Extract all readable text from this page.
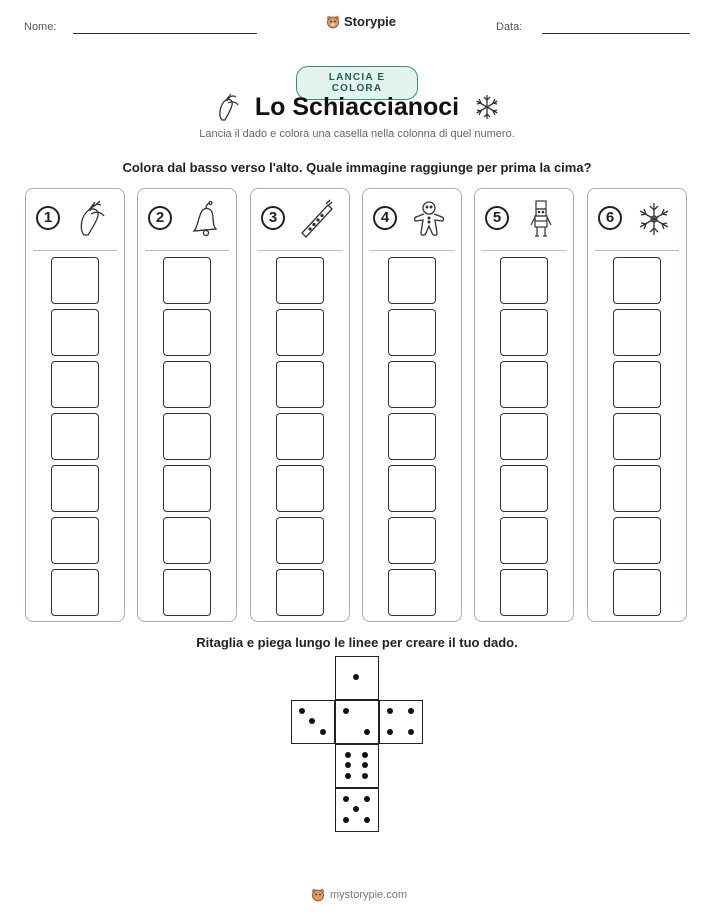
Nome:	Storypie	Data:
LANCIA E COLORA
Lo Schiaccianoci
Lancia il dado e colora una casella nella colonna di quel numero.
Colora dal basso verso l'alto. Quale immagine raggiunge per prima la cima?
1	2	3	4	5	6
Ritaglia e piega lungo le linee per creare il tuo dado.
mystorypie.com
